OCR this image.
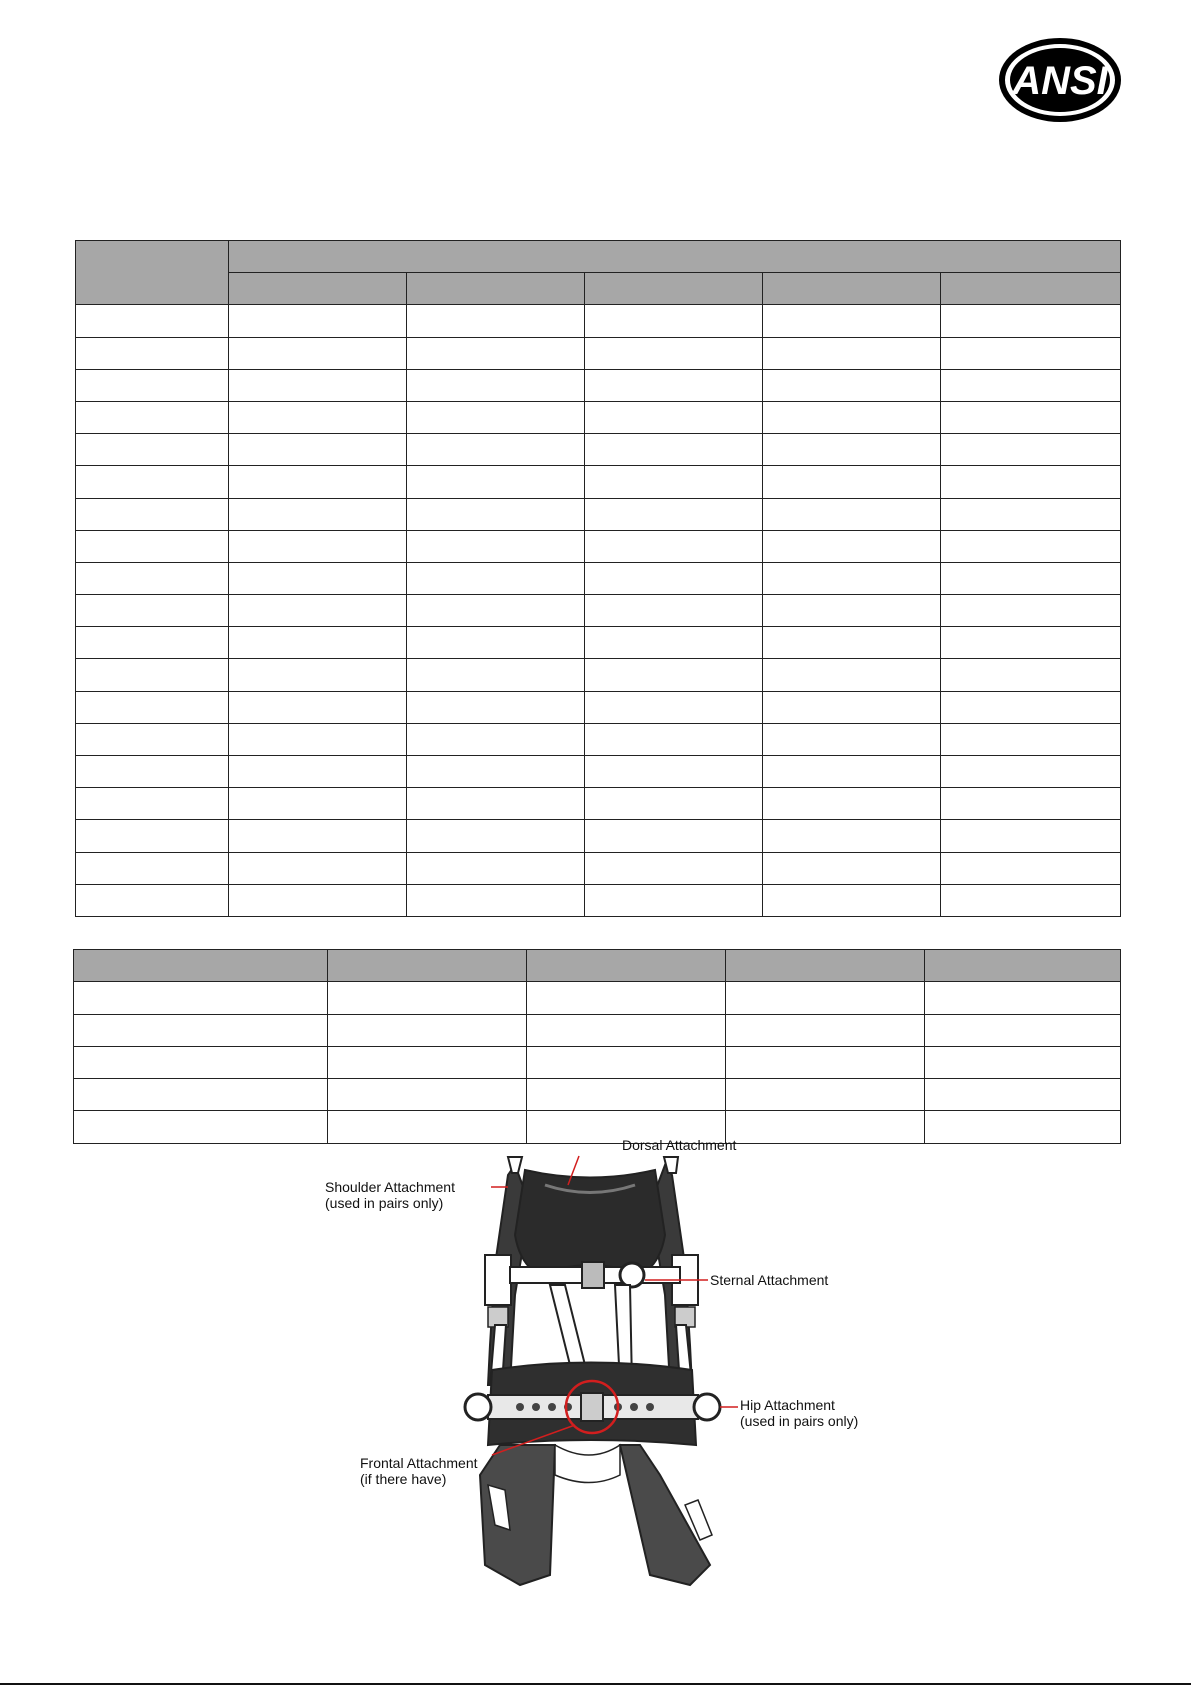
ANSI

Dorsal Attachment
Shoulder Attachment
(used in pairs only)
Sternal Attachment
Hip Attachment
(used in pairs only)
Frontal Attachment
(if there have)
